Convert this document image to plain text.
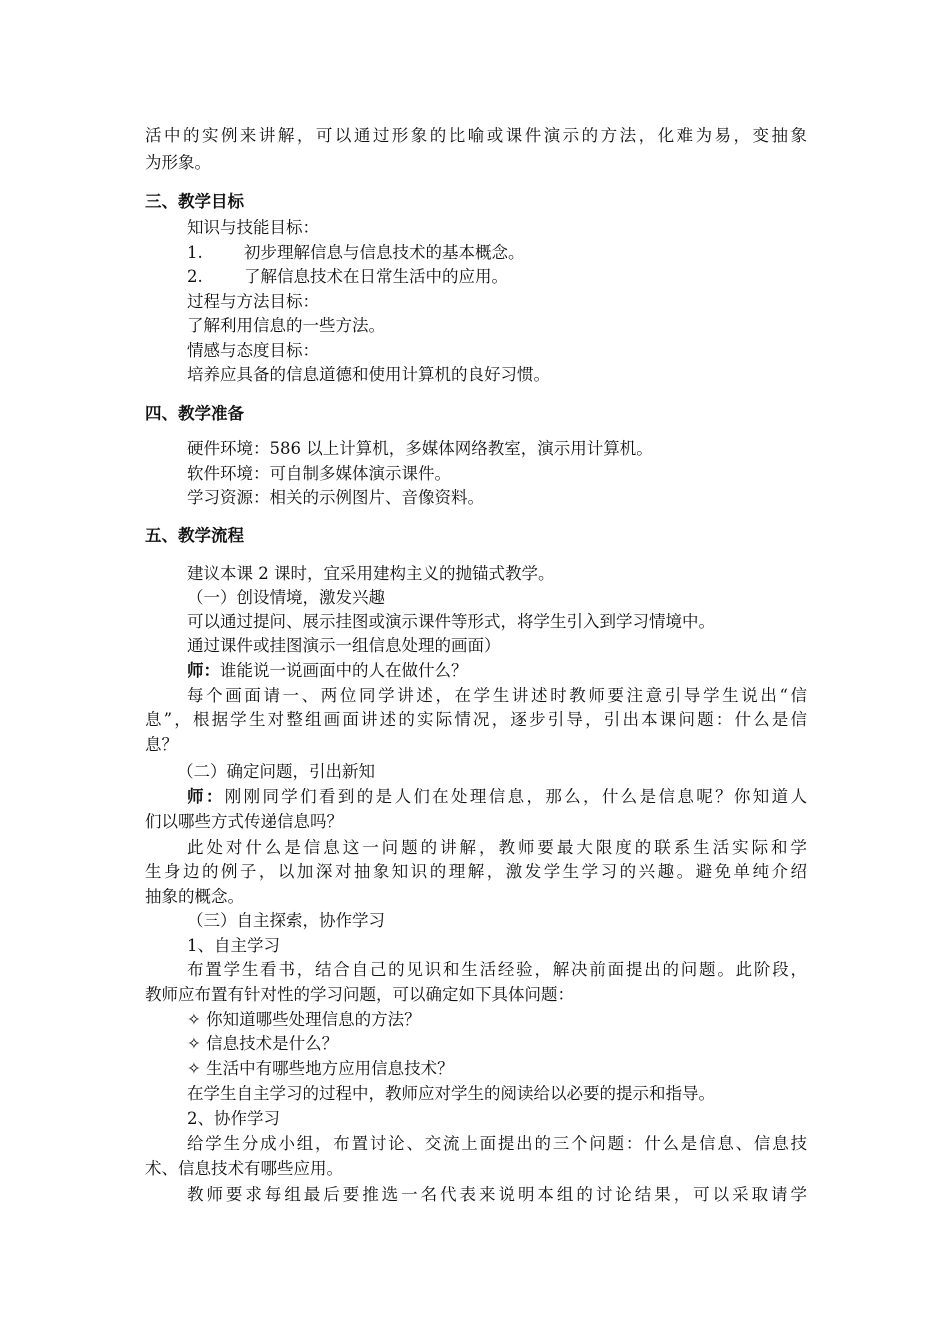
活中的实例来讲解，可以通过形象的比喻或课件演示的方法，化难为易，变抽象
为形象。
三、教学目标
知识与技能目标：
1.	初步理解信息与信息技术的基本概念。
2.	了解信息技术在日常生活中的应用。
过程与方法目标：
了解利用信息的一些方法。
情感与态度目标：
培养应具备的信息道德和使用计算机的良好习惯。
四、教学准备
硬件环境：586 以上计算机，多媒体网络教室，演示用计算机。
软件环境：可自制多媒体演示课件。
学习资源：相关的示例图片、音像资料。
五、教学流程
建议本课 2 课时，宜采用建构主义的抛锚式教学。
（一）创设情境，激发兴趣
可以通过提问、展示挂图或演示课件等形式，将学生引入到学习情境中。
通过课件或挂图演示一组信息处理的画面）
师：谁能说一说画面中的人在做什么？
每个画面请一、两位同学讲述，在学生讲述时教师要注意引导学生说出“信
息”，根据学生对整组画面讲述的实际情况，逐步引导，引出本课问题：什么是信
息？
（二）确定问题，引出新知
师：刚刚同学们看到的是人们在处理信息，那么，什么是信息呢？你知道人
们以哪些方式传递信息吗？
此处对什么是信息这一问题的讲解，教师要最大限度的联系生活实际和学
生身边的例子，以加深对抽象知识的理解，激发学生学习的兴趣。避免单纯介绍
抽象的概念。
（三）自主探索，协作学习
1、自主学习
布置学生看书，结合自己的见识和生活经验，解决前面提出的问题。此阶段，
教师应布置有针对性的学习问题，可以确定如下具体问题：
✧ 你知道哪些处理信息的方法？
✧ 信息技术是什么？
✧ 生活中有哪些地方应用信息技术？
在学生自主学习的过程中，教师应对学生的阅读给以必要的提示和指导。
2、协作学习
给学生分成小组，布置讨论、交流上面提出的三个问题：什么是信息、信息技
术、信息技术有哪些应用。
教师要求每组最后要推选一名代表来说明本组的讨论结果，可以采取请学
